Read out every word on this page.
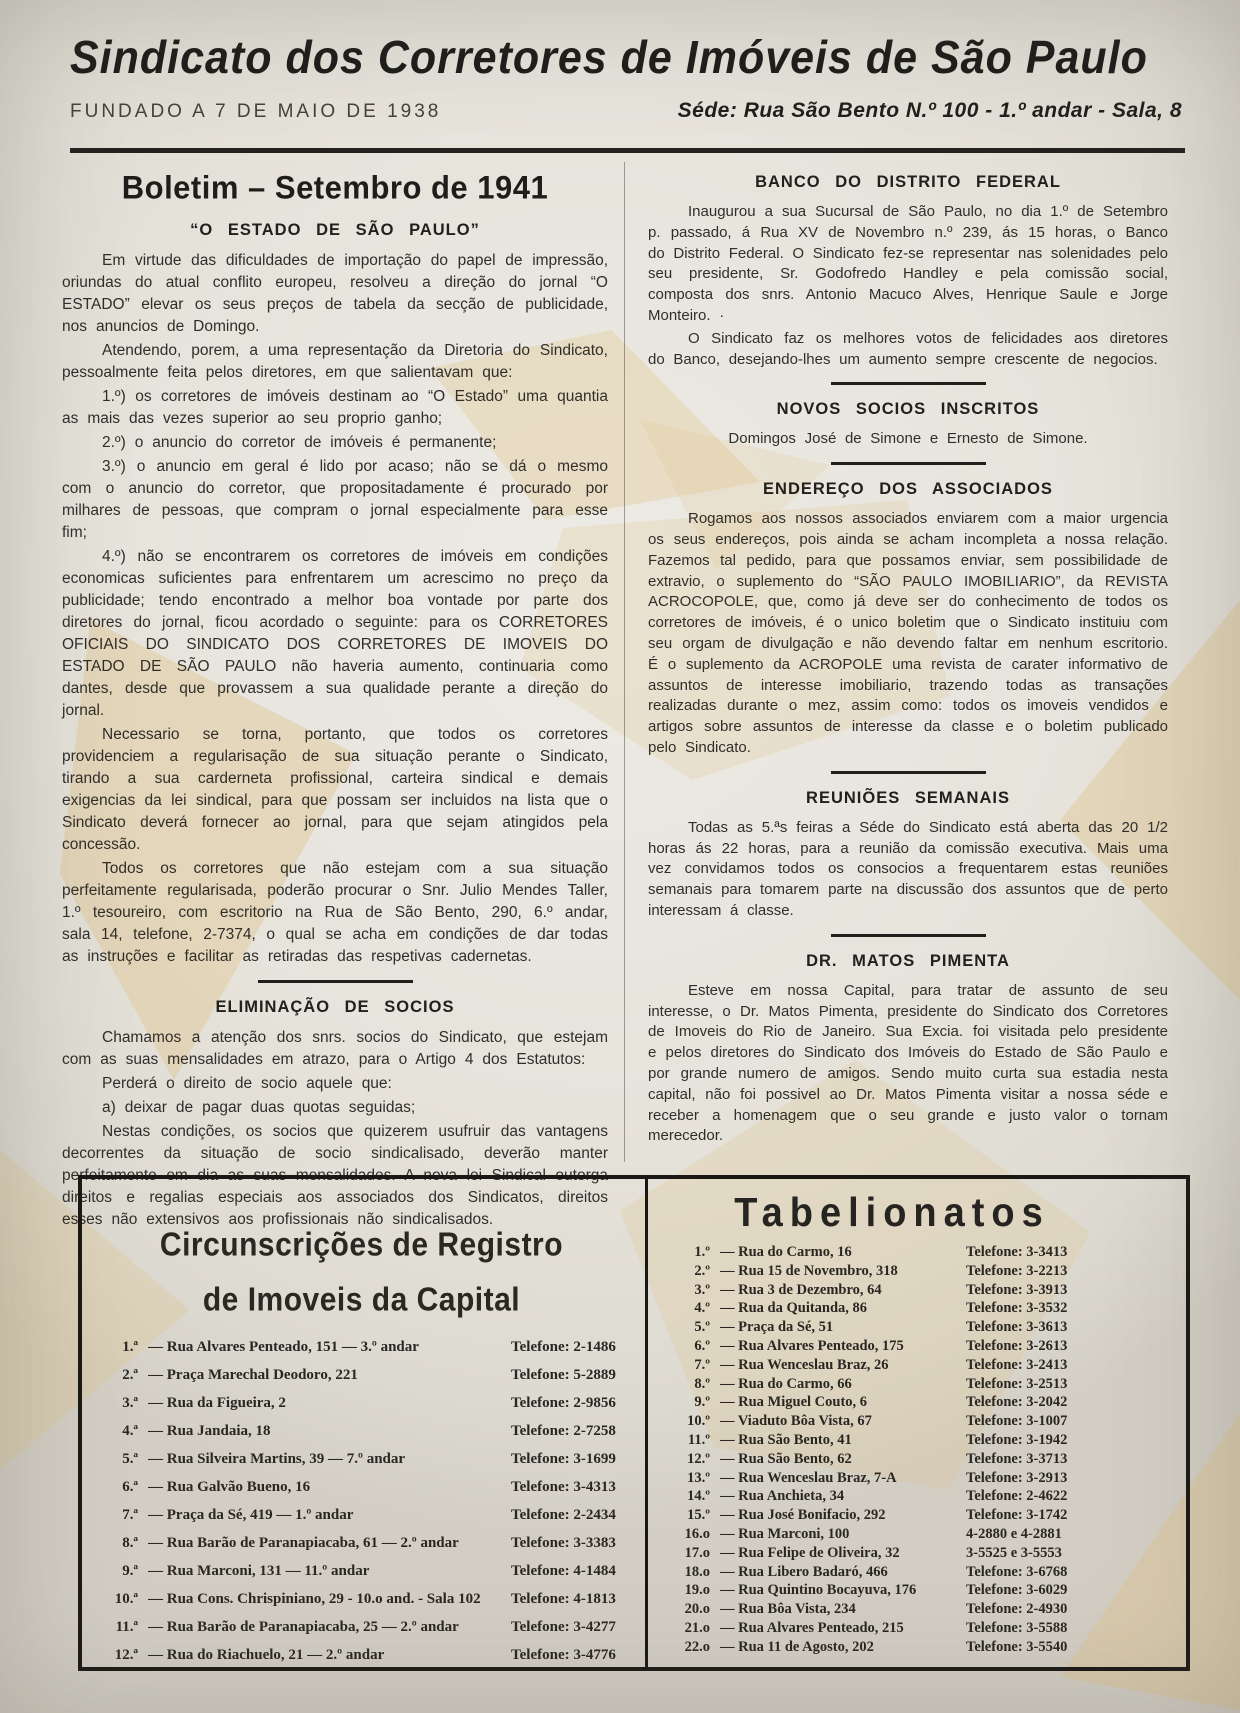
Sindicato dos Corretores de Imóveis de São Paulo
FUNDADO A 7 DE MAIO DE 1938	Séde: Rua São Bento N.º 100 - 1.º andar - Sala, 8
Boletim – Setembro de 1941
“O ESTADO DE SÃO PAULO”

Em virtude das dificuldades de importação do papel de impressão, oriundas do atual conflito europeu, resolveu a direção do jornal “O ESTADO” elevar os seus preços de tabela da secção de publicidade, nos anuncios de Domingo.

Atendendo, porem, a uma representação da Diretoria do Sindicato, pessoalmente feita pelos diretores, em que salientavam que:

1.º) os corretores de imóveis destinam ao “O Estado” uma quantia as mais das vezes superior ao seu proprio ganho;

2.º) o anuncio do corretor de imóveis é permanente;

3.º) o anuncio em geral é lido por acaso; não se dá o mesmo com o anuncio do corretor, que propositadamente é procurado por milhares de pessoas, que compram o jornal especialmente para esse fim;

4.º) não se encontrarem os corretores de imóveis em condições economicas suficientes para enfrentarem um acrescimo no preço da publicidade; tendo encontrado a melhor boa vontade por parte dos diretores do jornal, ficou acordado o seguinte: para os CORRETORES OFICIAIS DO SINDICATO DOS CORRETORES DE IMOVEIS DO ESTADO DE SÃO PAULO não haveria aumento, continuaria como dantes, desde que provassem a sua qualidade perante a direção do jornal.

Necessario se torna, portanto, que todos os corretores providenciem a regularisação de sua situação perante o Sindicato, tirando a sua carderneta profissional, carteira sindical e demais exigencias da lei sindical, para que possam ser incluidos na lista que o Sindicato deverá fornecer ao jornal, para que sejam atingidos pela concessão.

Todos os corretores que não estejam com a sua situação perfeitamente regularisada, poderão procurar o Snr. Julio Mendes Taller, 1.º tesoureiro, com escritorio na Rua de São Bento, 290, 6.º andar, sala 14, telefone, 2-7374, o qual se acha em condições de dar todas as instruções e facilitar as retiradas das respetivas cadernetas.

ELIMINAÇÃO DE SOCIOS

Chamamos a atenção dos snrs. socios do Sindicato, que estejam com as suas mensalidades em atrazo, para o Artigo 4 dos Estatutos:

Perderá o direito de socio aquele que:

a) deixar de pagar duas quotas seguidas;

Nestas condições, os socios que quizerem usufruir das vantagens decorrentes da situação de socio sindicalisado, deverão manter perfeitamente em dia as suas mensalidades. A nova lei Sindical outorga direitos e regalias especiais aos associados dos Sindicatos, direitos esses não extensivos aos profissionais não sindicalisados.

BANCO DO DISTRITO FEDERAL

Inaugurou a sua Sucursal de São Paulo, no dia 1.º de Setembro p. passado, á Rua XV de Novembro n.º 239, ás 15 horas, o Banco do Distrito Federal. O Sindicato fez-se representar nas solenidades pelo seu presidente, Sr. Godofredo Handley e pela comissão social, composta dos snrs. Antonio Macuco Alves, Henrique Saule e Jorge Monteiro. ·

O Sindicato faz os melhores votos de felicidades aos diretores do Banco, desejando-lhes um aumento sempre crescente de negocios.

NOVOS SOCIOS INSCRITOS

Domingos José de Simone e Ernesto de Simone.

ENDEREÇO DOS ASSOCIADOS

Rogamos aos nossos associados enviarem com a maior urgencia os seus endereços, pois ainda se acham incompleta a nossa relação. Fazemos tal pedido, para que possamos enviar, sem possibilidade de extravio, o suplemento do “SÃO PAULO IMOBILIARIO”, da REVISTA ACROCOPOLE, que, como já deve ser do conhecimento de todos os corretores de imóveis, é o unico boletim que o Sindicato instituiu com seu orgam de divulgação e não devendo faltar em nenhum escritorio. É o suplemento da ACROPOLE uma revista de carater informativo de assuntos de interesse imobiliario, trazendo todas as transações realizadas durante o mez, assim como: todos os imoveis vendidos e artigos sobre assuntos de interesse da classe e o boletim publicado pelo Sindicato.

REUNIÕES SEMANAIS

Todas as 5.ªs feiras a Séde do Sindicato está aberta das 20 1/2 horas ás 22 horas, para a reunião da comissão executiva. Mais uma vez convidamos todos os consocios a frequentarem estas reuniões semanais para tomarem parte na discussão dos assuntos que de perto interessam á classe.

DR. MATOS PIMENTA

Esteve em nossa Capital, para tratar de assunto de seu interesse, o Dr. Matos Pimenta, presidente do Sindicato dos Corretores de Imoveis do Rio de Janeiro. Sua Excia. foi visitada pelo presidente e pelos diretores do Sindicato dos Imóveis do Estado de São Paulo e por grande numero de amigos. Sendo muito curta sua estadia nesta capital, não foi possivel ao Dr. Matos Pimenta visitar a nossa séde e receber a homenagem que o seu grande e justo valor o tornam merecedor.

Circunscrições de Registro
de Imoveis da Capital
1.ª — Rua Alvares Penteado, 151 — 3.º andar	Telefone: 2-1486
2.ª — Praça Marechal Deodoro, 221	Telefone: 5-2889
3.ª — Rua da Figueira, 2	Telefone: 2-9856
4.ª — Rua Jandaia, 18	Telefone: 2-7258
5.ª — Rua Silveira Martins, 39 — 7.º andar	Telefone: 3-1699
6.ª — Rua Galvão Bueno, 16	Telefone: 3-4313
7.ª — Praça da Sé, 419 — 1.º andar	Telefone: 2-2434
8.ª — Rua Barão de Paranapiacaba, 61 — 2.º andar	Telefone: 3-3383
9.ª — Rua Marconi, 131 — 11.º andar	Telefone: 4-1484
10.ª — Rua Cons. Chrispiniano, 29 - 10.o and. - Sala 102	Telefone: 4-1813
11.ª — Rua Barão de Paranapiacaba, 25 — 2.º andar	Telefone: 3-4277
12.ª — Rua do Riachuelo, 21 — 2.º andar	Telefone: 3-4776
Tabelionatos
1.º — Rua do Carmo, 16	Telefone: 3-3413
2.º — Rua 15 de Novembro, 318	Telefone: 3-2213
3.º — Rua 3 de Dezembro, 64	Telefone: 3-3913
4.º — Rua da Quitanda, 86	Telefone: 3-3532
5.º — Praça da Sé, 51	Telefone: 3-3613
6.º — Rua Alvares Penteado, 175	Telefone: 3-2613
7.º — Rua Wenceslau Braz, 26	Telefone: 3-2413
8.º — Rua do Carmo, 66	Telefone: 3-2513
9.º — Rua Miguel Couto, 6	Telefone: 3-2042
10.º — Viaduto Bôa Vista, 67	Telefone: 3-1007
11.º — Rua São Bento, 41	Telefone: 3-1942
12.º — Rua São Bento, 62	Telefone: 3-3713
13.º — Rua Wenceslau Braz, 7-A	Telefone: 3-2913
14.º — Rua Anchieta, 34	Telefone: 2-4622
15.º — Rua José Bonifacio, 292	Telefone: 3-1742
16.o — Rua Marconi, 100	4-2880 e 4-2881
17.o — Rua Felipe de Oliveira, 32	3-5525 e 3-5553
18.o — Rua Libero Badaró, 466	Telefone: 3-6768
19.o — Rua Quintino Bocayuva, 176	Telefone: 3-6029
20.o — Rua Bôa Vista, 234	Telefone: 2-4930
21.o — Rua Alvares Penteado, 215	Telefone: 3-5588
22.o — Rua 11 de Agosto, 202	Telefone: 3-5540
